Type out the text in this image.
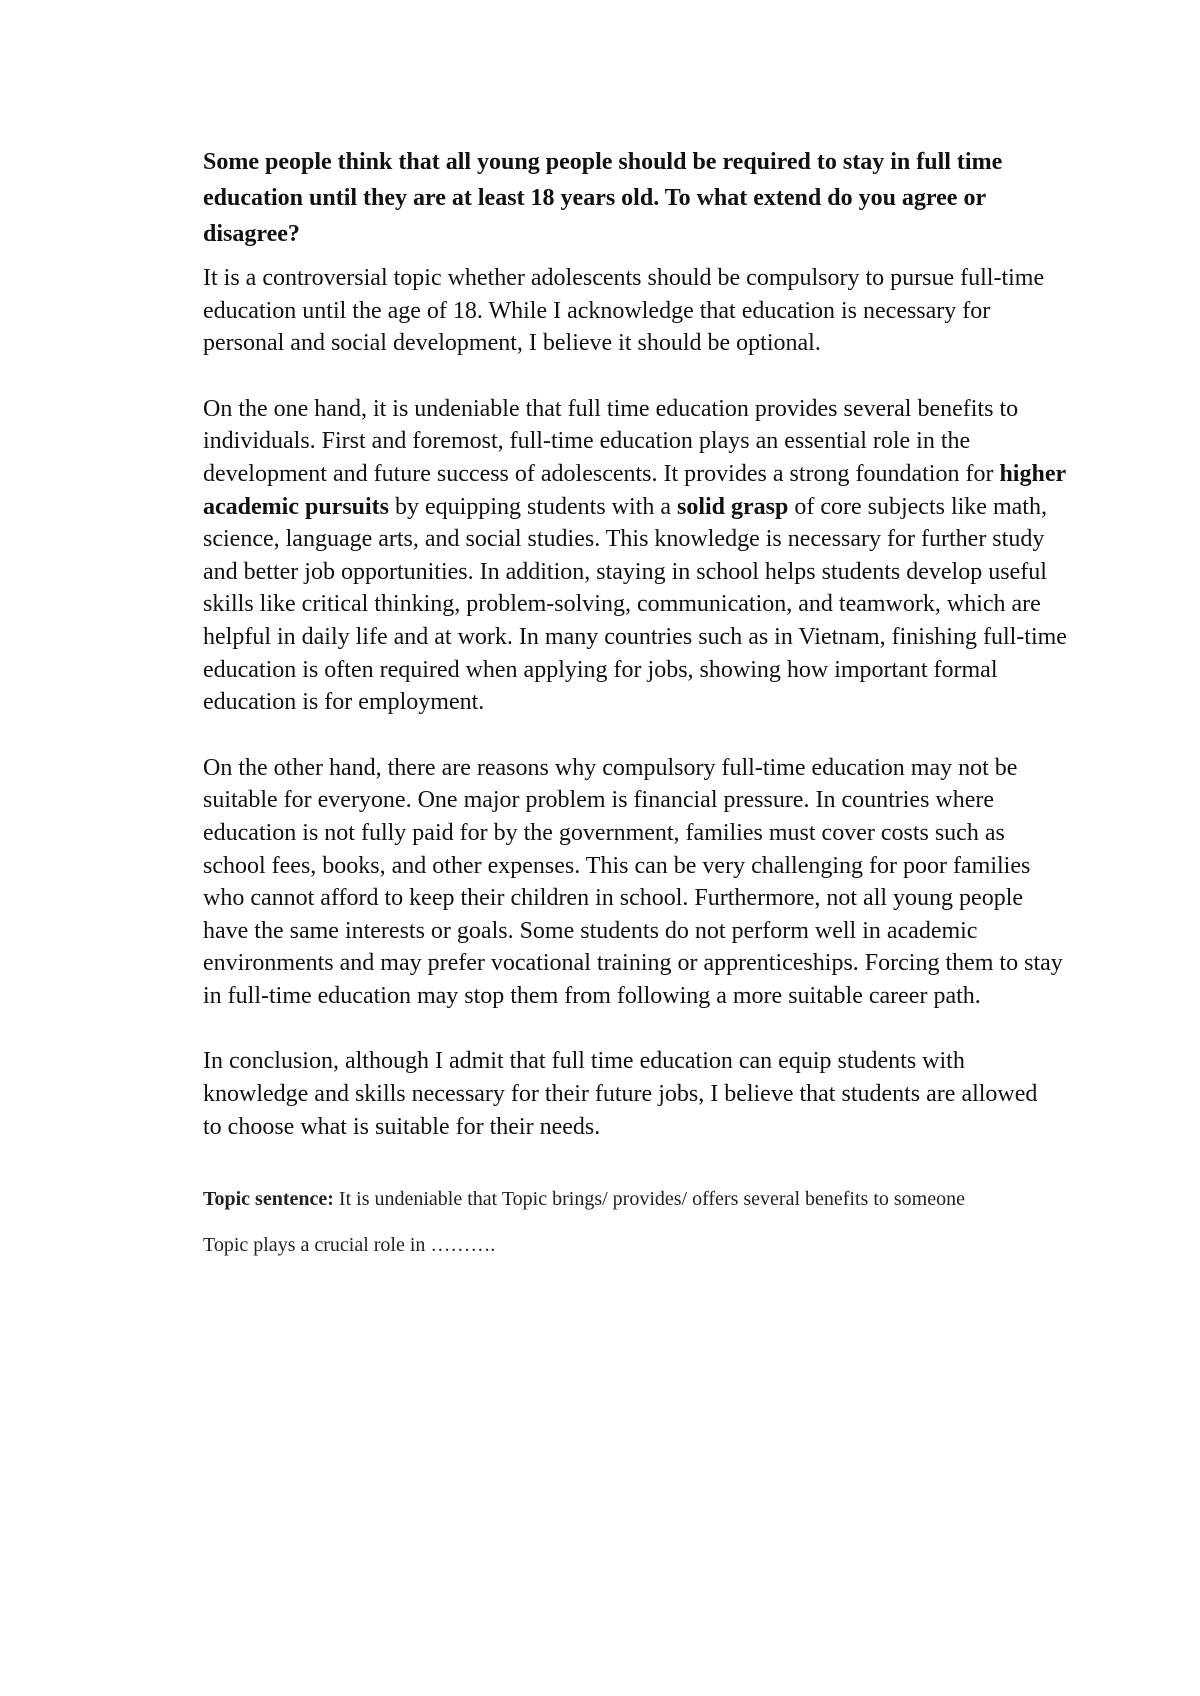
Some people think that all young people should be required to stay in full time education until they are at least 18 years old. To what extend do you agree or disagree?

It is a controversial topic whether adolescents should be compulsory to pursue full-time education until the age of 18. While I acknowledge that education is necessary for personal and social development, I believe it should be optional.

On the one hand, it is undeniable that full time education provides several benefits to individuals. First and foremost, full-time education plays an essential role in the development and future success of adolescents. It provides a strong foundation for higher academic pursuits by equipping students with a solid grasp of core subjects like math, science, language arts, and social studies. This knowledge is necessary for further study and better job opportunities. In addition, staying in school helps students develop useful skills like critical thinking, problem-solving, communication, and teamwork, which are helpful in daily life and at work. In many countries such as in Vietnam, finishing full-time education is often required when applying for jobs, showing how important formal education is for employment.

On the other hand, there are reasons why compulsory full-time education may not be suitable for everyone. One major problem is financial pressure. In countries where education is not fully paid for by the government, families must cover costs such as school fees, books, and other expenses. This can be very challenging for poor families who cannot afford to keep their children in school. Furthermore, not all young people have the same interests or goals. Some students do not perform well in academic environments and may prefer vocational training or apprenticeships. Forcing them to stay in full-time education may stop them from following a more suitable career path.

In conclusion, although I admit that full time education can equip students with
knowledge and skills necessary for their future jobs, I believe that students are allowed
to choose what is suitable for their needs.

Topic sentence: It is undeniable that Topic brings/ provides/ offers several benefits to someone

Topic plays a crucial role in ……….
